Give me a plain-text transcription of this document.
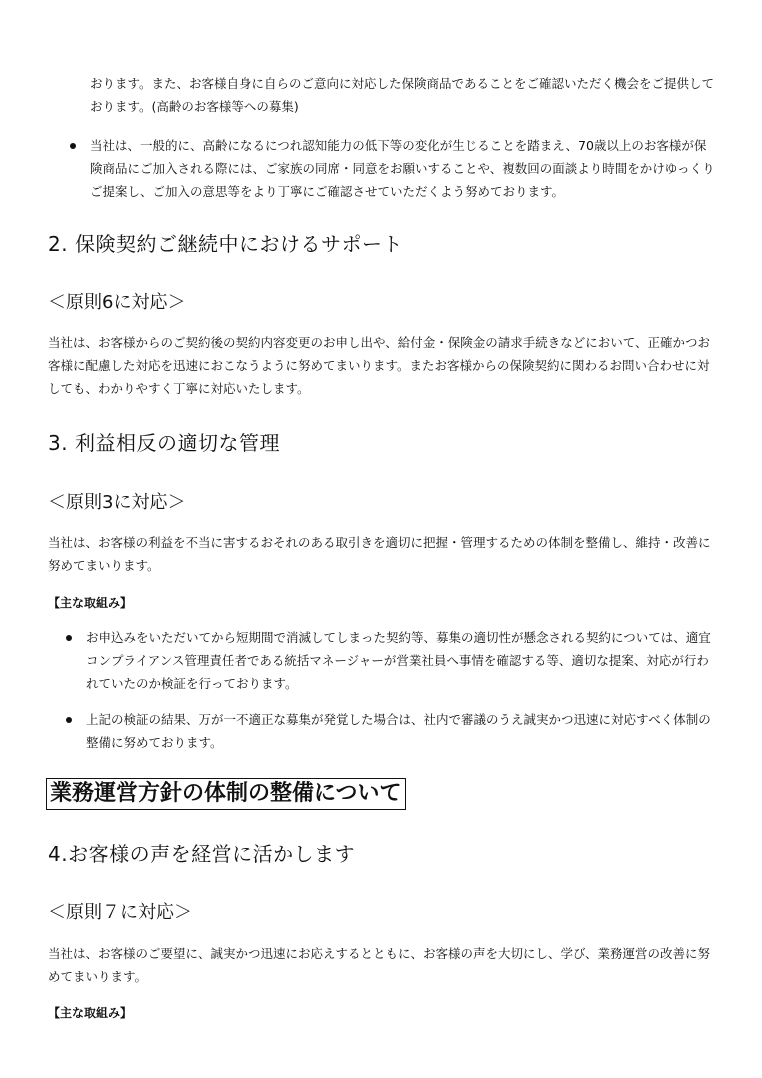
おります。また、お客様自身に自らのご意向に対応した保険商品であることをご確認いただく機会をご提供しております。(高齢のお客様等への募集)

当社は、一般的に、高齢になるにつれ認知能力の低下等の変化が生じることを踏まえ、70歳以上のお客様が保険商品にご加入される際には、ご家族の同席・同意をお願いすることや、複数回の面談より時間をかけゆっくりご提案し、ご加入の意思等をより丁寧にご確認させていただくよう努めております。

2. 保険契約ご継続中におけるサポート
＜原則6に対応＞

当社は、お客様からのご契約後の契約内容変更のお申し出や、給付金・保険金の請求手続きなどにおいて、正確かつお客様に配慮した対応を迅速におこなうように努めてまいります。またお客様からの保険契約に関わるお問い合わせに対しても、わかりやすく丁寧に対応いたします。

3. 利益相反の適切な管理
＜原則3に対応＞

当社は、お客様の利益を不当に害するおそれのある取引きを適切に把握・管理するための体制を整備し、維持・改善に努めてまいります。

【主な取組み】

お申込みをいただいてから短期間で消滅してしまった契約等、募集の適切性が懸念される契約については、適宜コンプライアンス管理責任者である統括マネージャーが営業社員へ事情を確認する等、適切な提案、対応が行われていたのか検証を行っております。

上記の検証の結果、万が一不適正な募集が発覚した場合は、社内で審議のうえ誠実かつ迅速に対応すべく体制の整備に努めております。

業務運営方針の体制の整備について
4.お客様の声を経営に活かします
＜原則７に対応＞

当社は、お客様のご要望に、誠実かつ迅速にお応えするとともに、お客様の声を大切にし、学び、業務運営の改善に努めてまいります。

【主な取組み】
